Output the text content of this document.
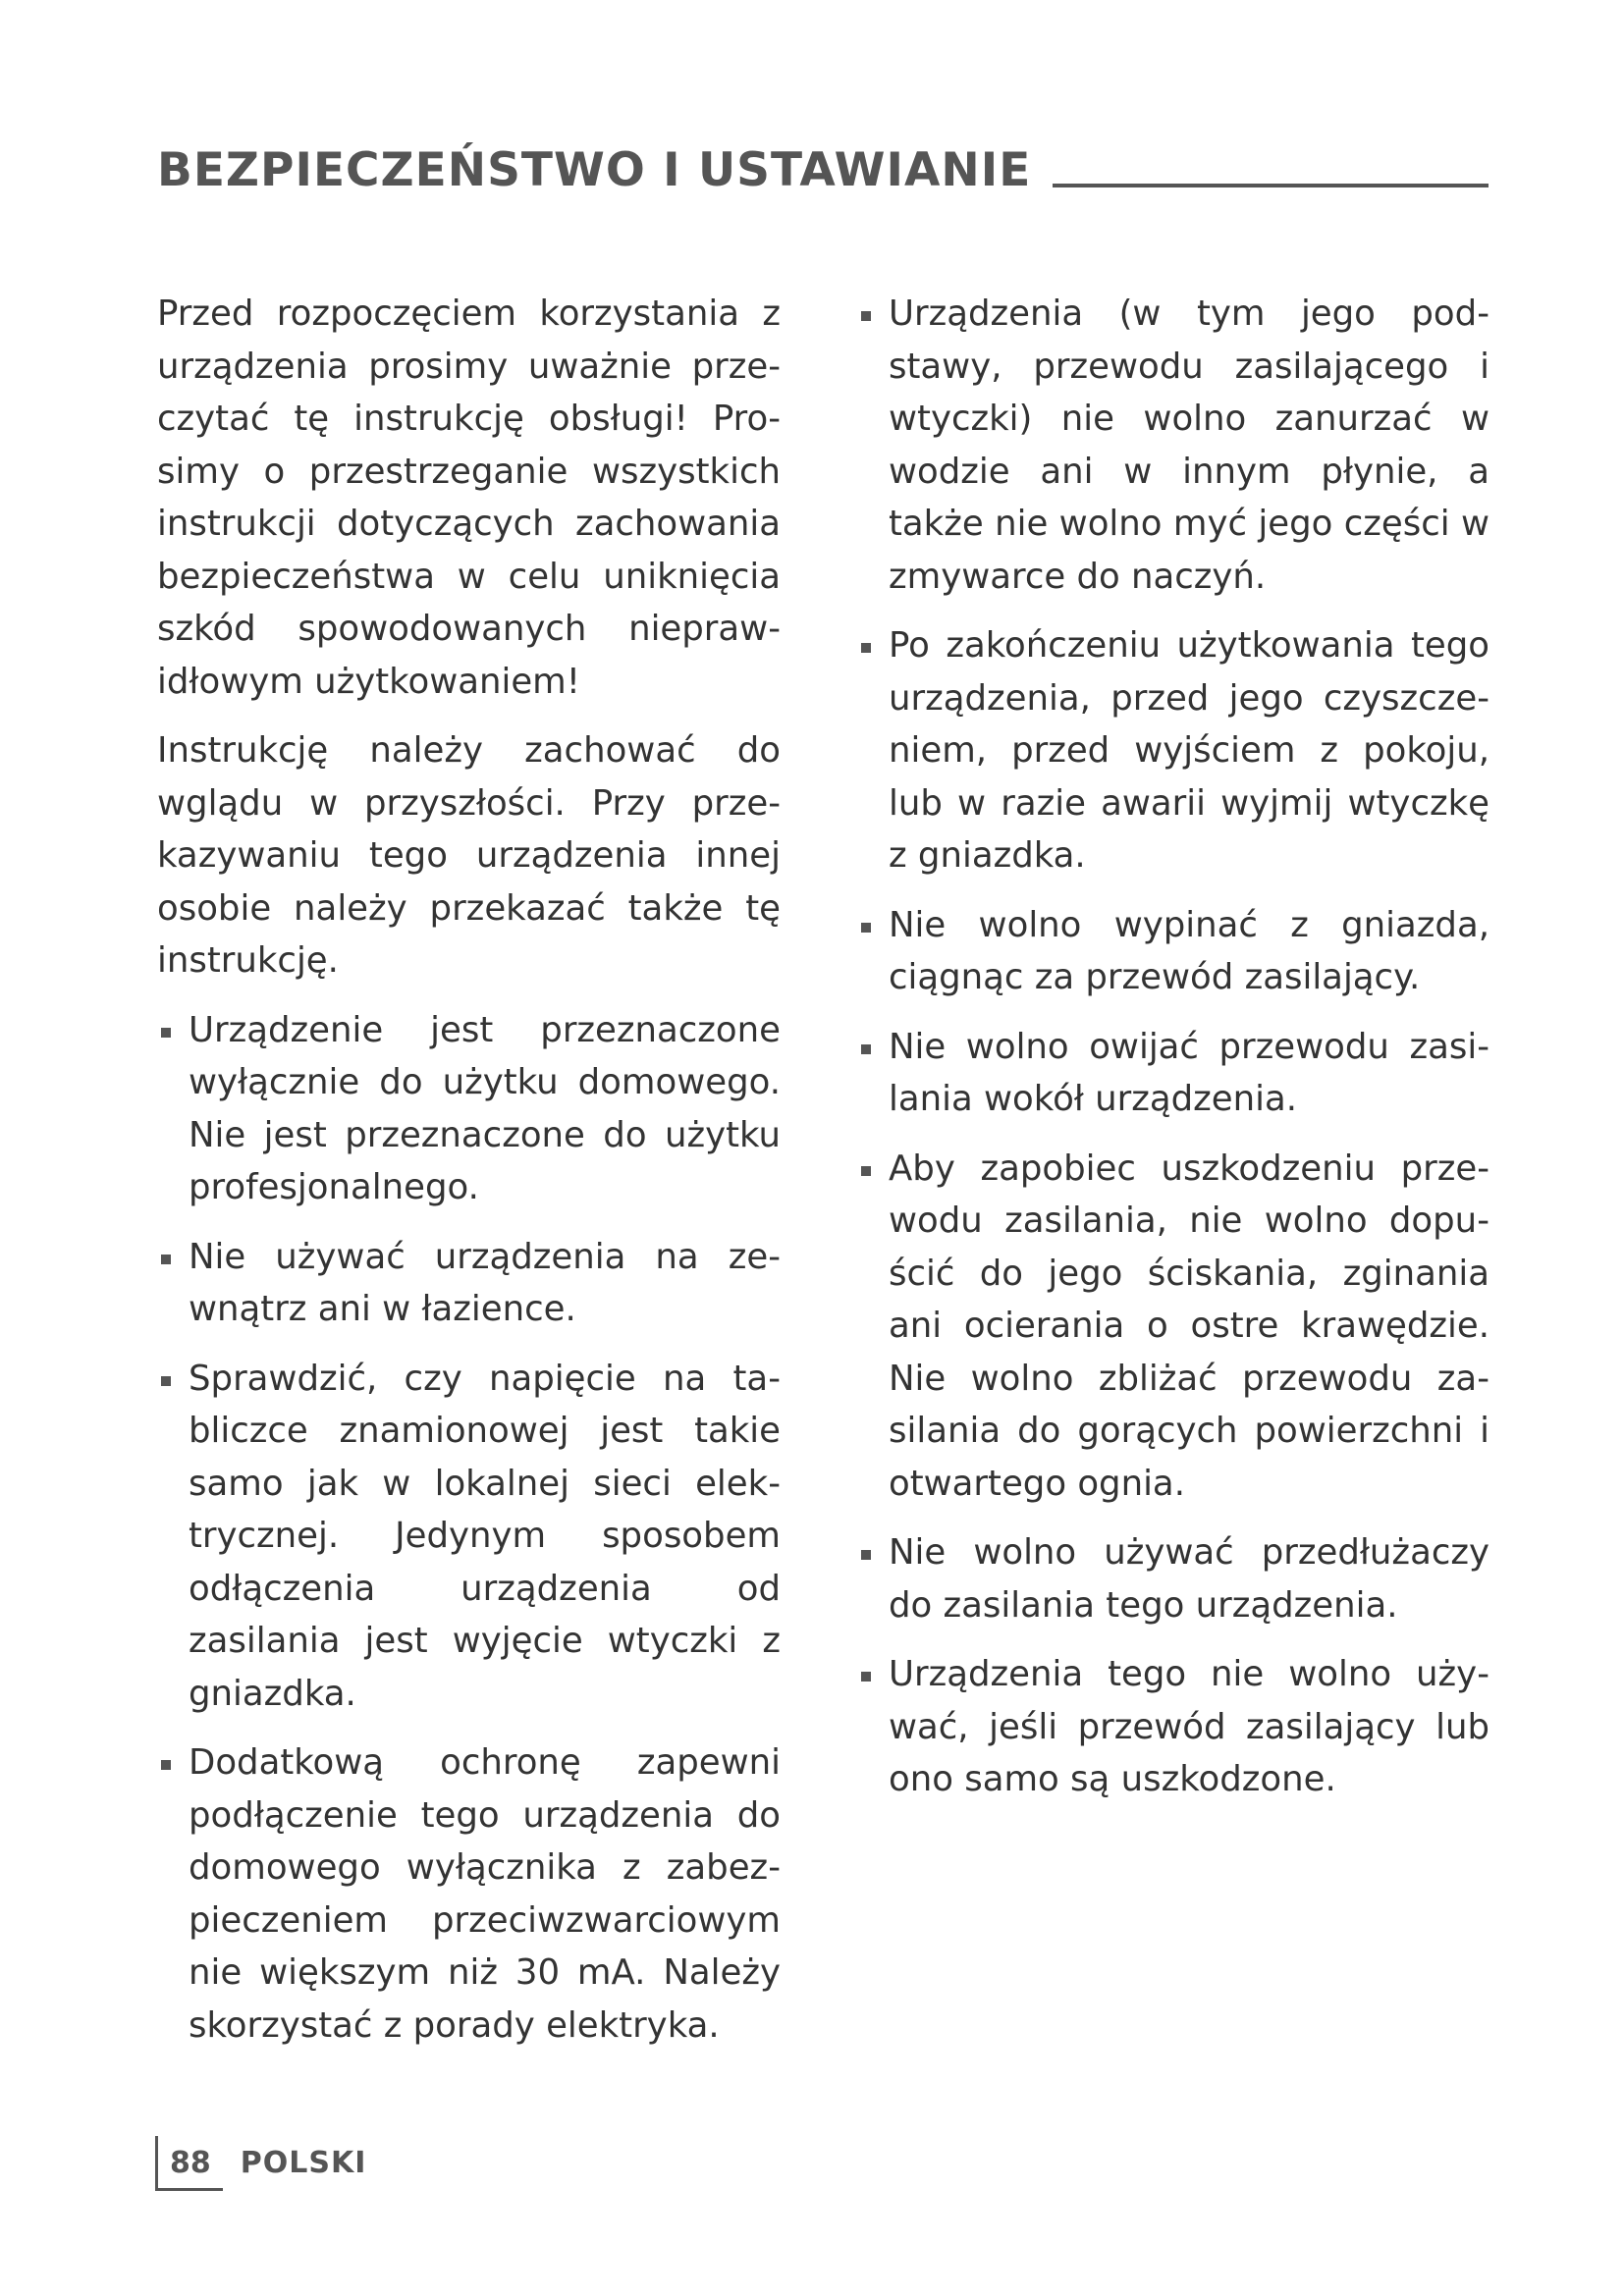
BEZPIECZEŃSTWO I USTAWIANIE

Przed rozpoczęciem korzystania z urządzenia prosimy uważnie przeczytać tę instrukcję obsługi! Prosimy o przestrzeganie wszystkich instrukcji dotyczących zachowania bezpieczeństwa w celu uniknięcia szkód spowodowanych nieprawidłowym użytkowaniem!

Instrukcję należy zachować do wglądu w przyszłości. Przy przekazywaniu tego urządzenia innej osobie należy przekazać także tę instrukcję.

Urządzenie jest przeznaczone wyłącznie do użytku domowego. Nie jest przeznaczone do użytku profesjonalnego.
Nie używać urządzenia na zewnątrz ani w łazience.
Sprawdzić, czy napięcie na tabliczce znamionowej jest takie samo jak w lokalnej sieci elektrycznej. Jedynym sposobem odłączenia urządzenia od zasilania jest wyjęcie wtyczki z gniazdka.
Dodatkową ochronę zapewni podłączenie tego urządzenia do domowego wyłącznika z zabezpieczeniem przeciwzwarciowym nie większym niż 30 mA. Należy skorzystać z porady elektryka.
Urządzenia (w tym jego podstawy, przewodu zasilającego i wtyczki) nie wolno zanurzać w wodzie ani w innym płynie, a także nie wolno myć jego części w zmywarce do naczyń.
Po zakończeniu użytkowania tego urządzenia, przed jego czyszczeniem, przed wyjściem z pokoju, lub w razie awarii wyjmij wtyczkę z gniazdka.
Nie wolno wypinać z gniazda, ciągnąc za przewód zasilający.
Nie wolno owijać przewodu zasilania wokół urządzenia.
Aby zapobiec uszkodzeniu przewodu zasilania, nie wolno dopuścić do jego ściskania, zginania ani ocierania o ostre krawędzie. Nie wolno zbliżać przewodu zasilania do gorących powierzchni i otwartego ognia.
Nie wolno używać przedłużaczy do zasilania tego urządzenia.
Urządzenia tego nie wolno używać, jeśli przewód zasilający lub ono samo są uszkodzone.
88	POLSKI
